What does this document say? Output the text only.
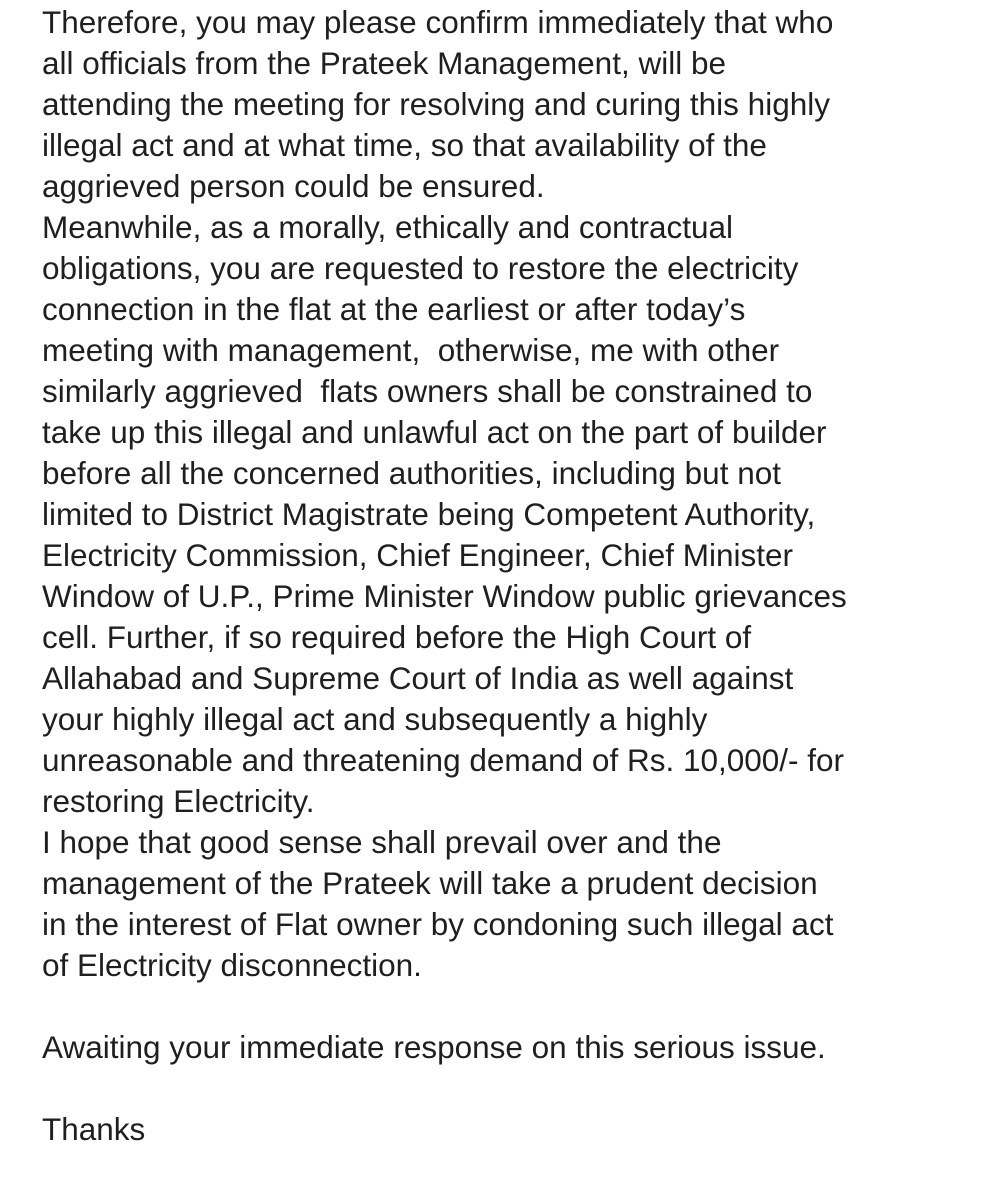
Therefore, you may please confirm immediately that who
all officials from the Prateek Management, will be
attending the meeting for resolving and curing this highly
illegal act and at what time, so that availability of the
aggrieved person could be ensured.
Meanwhile, as a morally, ethically and contractual
obligations, you are requested to restore the electricity
connection in the flat at the earliest or after today’s
meeting with management,  otherwise, me with other
similarly aggrieved  flats owners shall be constrained to
take up this illegal and unlawful act on the part of builder
before all the concerned authorities, including but not
limited to District Magistrate being Competent Authority,
Electricity Commission, Chief Engineer, Chief Minister
Window of U.P., Prime Minister Window public grievances
cell. Further, if so required before the High Court of
Allahabad and Supreme Court of India as well against
your highly illegal act and subsequently a highly
unreasonable and threatening demand of Rs. 10,000/- for
restoring Electricity.
I hope that good sense shall prevail over and the
management of the Prateek will take a prudent decision
in the interest of Flat owner by condoning such illegal act
of Electricity disconnection.
Awaiting your immediate response on this serious issue.
Thanks
